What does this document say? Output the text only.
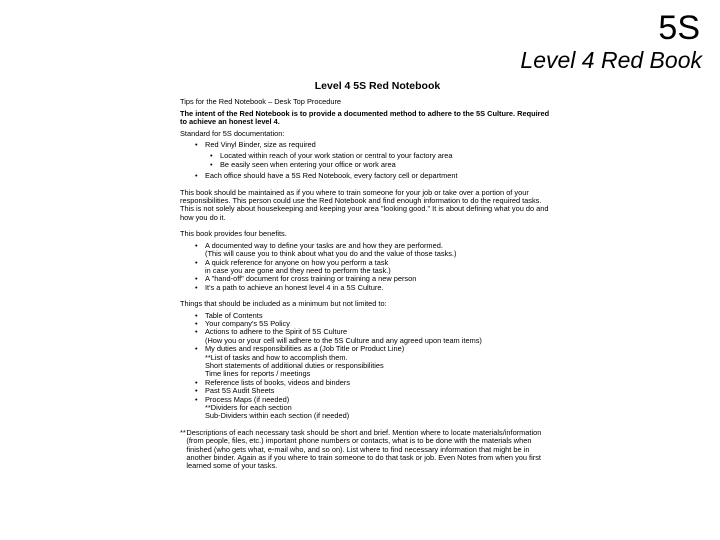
5S
Level 4 Red Book
Level 4 5S Red Notebook
Tips for the Red Notebook – Desk Top Procedure
The intent of the Red Notebook is to provide a documented method to adhere to the 5S Culture. Required to achieve an honest level 4.
Standard for 5S documentation:
• Red Vinyl Binder, size as required
• Located within reach of your work station or central to your factory area
• Be easily seen when entering your office or work area
• Each office should have a 5S Red Notebook, every factory cell or department
This book should be maintained as if you where to train someone for your job or take over a portion of your responsibilities. This person could use the Red Notebook and find enough information to do the required tasks. This is not solely about housekeeping and keeping your area "looking good." It is about defining what you do and how you do it.
This book provides four benefits.
• A documented way to define your tasks are and how they are performed.
(This will cause you to think about what you do and the value of those tasks.)
• A quick reference for anyone on how you perform a task
in case you are gone and they need to perform the task.)
• A "hand-off" document for cross training or training a new person
• It's a path to achieve an honest level 4 in a 5S Culture.
Things that should be included as a minimum but not limited to:
• Table of Contents
• Your company's 5S Policy
• Actions to adhere to the Spirit of 5S Culture
(How you or your cell will adhere to the 5S Culture and any agreed upon team items)
• My duties and responsibilities as a (Job Title or Product Line)
**List of tasks and how to accomplish them.
Short statements of additional duties or responsibilities
Time lines for reports / meetings
• Reference lists of books, videos and binders
• Past 5S Audit Sheets
• Process Maps (if needed)
**Dividers for each section
Sub-Dividers within each section (if needed)
** Descriptions of each necessary task should be short and brief. Mention where to locate materials/information (from people, files, etc.) important phone numbers or contacts, what is to be done with the materials when finished (who gets what, e-mail who, and so on). List where to find necessary information that might be in another binder. Again as if you where to train someone to do that task or job. Even Notes from when you first learned some of your tasks.
